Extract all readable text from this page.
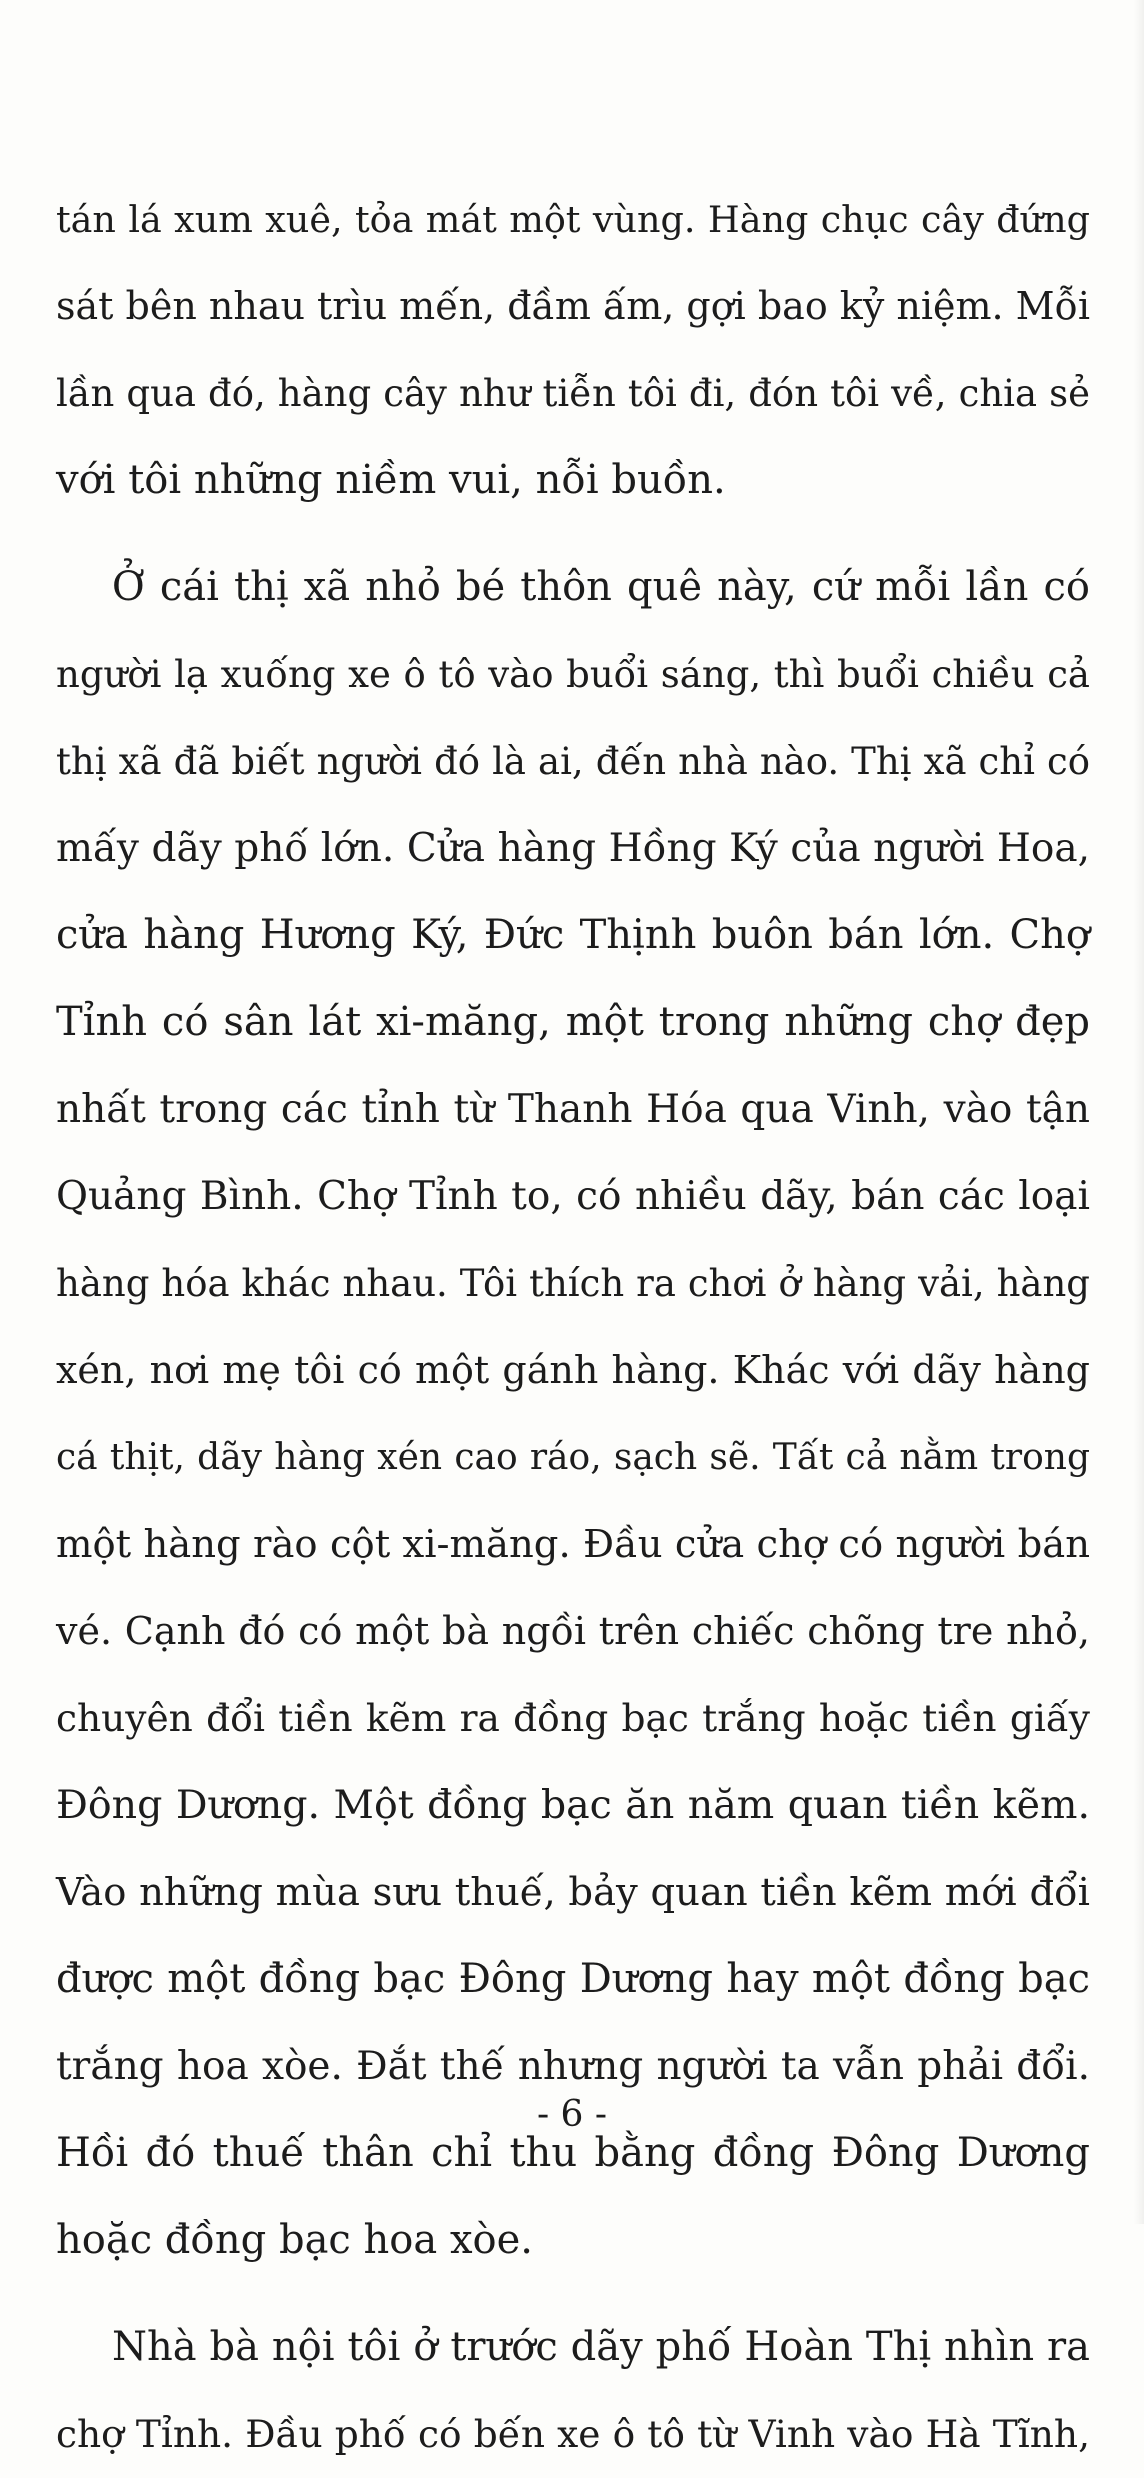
tán lá xum xuê, tỏa mát một vùng. Hàng chục cây đứng
sát bên nhau trìu mến, đầm ấm, gợi bao kỷ niệm. Mỗi
lần qua đó, hàng cây như tiễn tôi đi, đón tôi về, chia sẻ
với tôi những niềm vui, nỗi buồn.
Ở cái thị xã nhỏ bé thôn quê này, cứ mỗi lần có
người lạ xuống xe ô tô vào buổi sáng, thì buổi chiều cả
thị xã đã biết người đó là ai, đến nhà nào. Thị xã chỉ có
mấy dãy phố lớn. Cửa hàng Hồng Ký của người Hoa,
cửa hàng Hương Ký, Đức Thịnh buôn bán lớn. Chợ
Tỉnh có sân lát xi-măng, một trong những chợ đẹp
nhất trong các tỉnh từ Thanh Hóa qua Vinh, vào tận
Quảng Bình. Chợ Tỉnh to, có nhiều dãy, bán các loại
hàng hóa khác nhau. Tôi thích ra chơi ở hàng vải, hàng
xén, nơi mẹ tôi có một gánh hàng. Khác với dãy hàng
cá thịt, dãy hàng xén cao ráo, sạch sẽ. Tất cả nằm trong
một hàng rào cột xi-măng. Đầu cửa chợ có người bán
vé. Cạnh đó có một bà ngồi trên chiếc chõng tre nhỏ,
chuyên đổi tiền kẽm ra đồng bạc trắng hoặc tiền giấy
Đông Dương. Một đồng bạc ăn năm quan tiền kẽm.
Vào những mùa sưu thuế, bảy quan tiền kẽm mới đổi
được một đồng bạc Đông Dương hay một đồng bạc
trắng hoa xòe. Đắt thế nhưng người ta vẫn phải đổi.
Hồi đó thuế thân chỉ thu bằng đồng Đông Dương
hoặc đồng bạc hoa xòe.
Nhà bà nội tôi ở trước dãy phố Hoàn Thị nhìn ra
chợ Tỉnh. Đầu phố có bến xe ô tô từ Vinh vào Hà Tĩnh,
- 6 -
